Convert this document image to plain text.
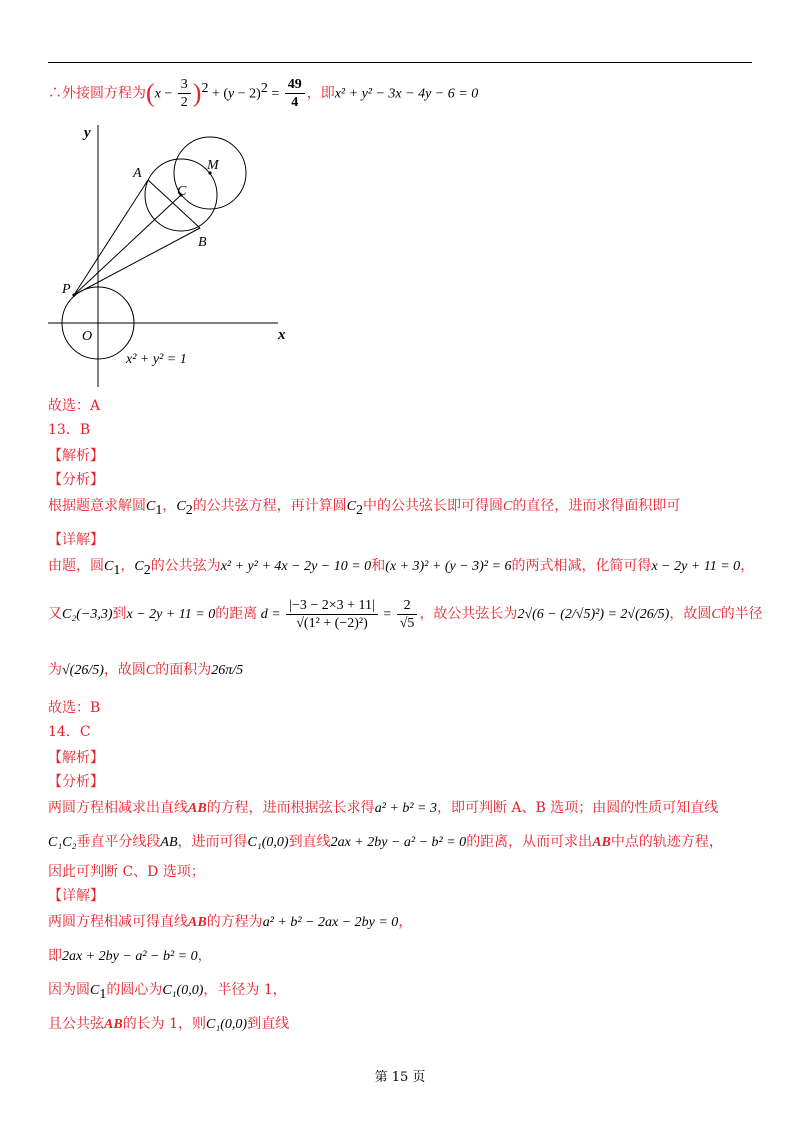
∴外接圆方程为$(x - \frac{3}{2} )^2 + (y - 2)^2 = \frac{49}{4}$ ，即x² + y² − 3x − 4y − 6 = 0
y
x
O
A
C
M
B
P
x² + y² = 1
故选：A
13．B
【解析】
【分析】
根据题意求解圆$C_1$，$C_2$的公共弦方程，再计算圆$C_2$中的公共弦长即可得圆C的直径，进而求得面积即可
【详解】
由题，圆$C_1$，$C_2$的公共弦为x² + y² + 4x − 2y − 10 = 0和(x + 3)² + (y − 3)² = 6的两式相减，化简可得x − 2y + 11 = 0，
又C₂(−3,3)到x − 2y + 11 = 0的距离 $d = \frac{|-3 - 2\times 3 + 11|}{\text{√(1² + (−2)²)}} = \frac{2}{√5}$ ，故公共弦长为2√(6 − (2/√5)²) = 2√(26/5)，故圆C的半径
为√(26/5)，故圆C的面积为26π/5
故选：B
14．C
【解析】
【分析】
两圆方程相减求出直线AB的方程，进而根据弦长求得a² + b² = 3，即可判断 A、B 选项；由圆的性质可知直线
C₁C₂垂直平分线段AB，进而可得C₁(0,0)到直线2ax + 2by − a² − b² = 0的距离，从而可求出AB中点的轨迹方程，
因此可判断 C、D 选项；
【详解】
两圆方程相减可得直线AB的方程为a² + b² − 2ax − 2by = 0，
即2ax + 2by − a² − b² = 0，
因为圆$C_1$的圆心为C₁(0,0)，半径为 1，
且公共弦AB的长为 1，则C₁(0,0)到直线
第 15 页
